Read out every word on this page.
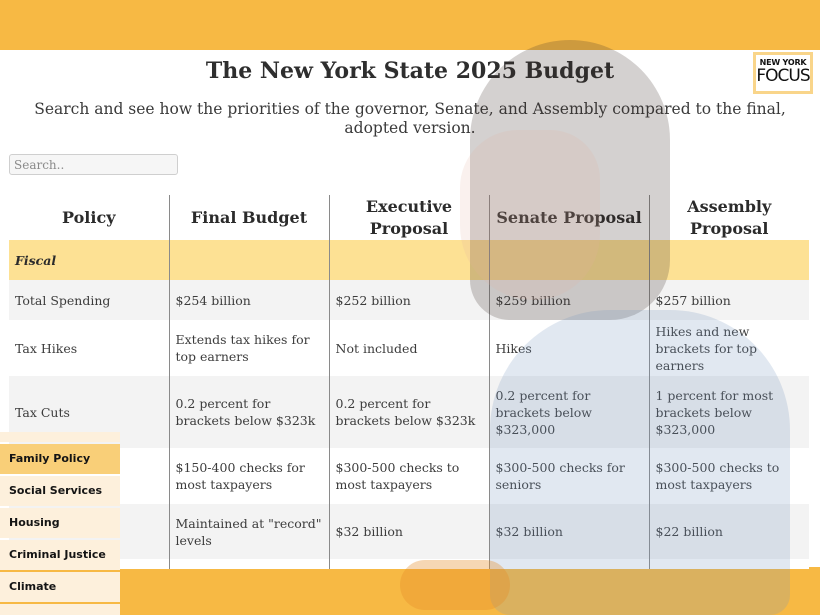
The New York State 2025 Budget

Search and see how the priorities of the governor, Senate, and Assembly compared to the final, adopted version.

NEW YORK
FOCUS
Search..
Policy	Final Budget	Executive Proposal	Senate Proposal	Assembly Proposal
Fiscal				
Total Spending	$254 billion	$252 billion	$259 billion	$257 billion
Tax Hikes	Extends tax hikes for top earners	Not included	Hikes	Hikes and new brackets for top earners
Tax Cuts	0.2 percent for brackets below $323k	0.2 percent for brackets below $323k	0.2 percent for brackets below $323,000	1 percent for most brackets below $323,000
	$150-400 checks for most taxpayers	$300-500 checks to most taxpayers	$300-500 checks for seniors	$300-500 checks to most taxpayers
	Maintained at "record" levels	$32 billion	$32 billion	$22 billion

Family Policy
Social Services
Housing
Criminal Justice
Climate
